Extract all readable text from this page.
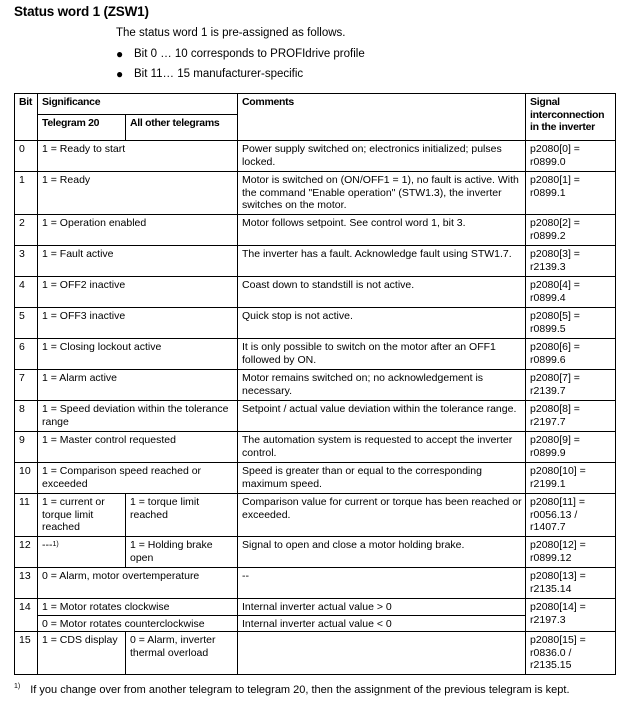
Status word 1 (ZSW1)
The status word 1 is pre-assigned as follows.
● Bit 0 … 10 corresponds to PROFIdrive profile
● Bit 11… 15 manufacturer-specific
Bit	Significance		Comments	Signal interconnection in the inverter
	Telegram 20	All other telegrams		
0	1 = Ready to start		Power supply switched on; electronics initialized; pulses locked.	p2080[0] =
r0899.0
1	1 = Ready		Motor is switched on (ON/OFF1 = 1), no fault is active. With the command "Enable operation" (STW1.3), the inverter switches on the motor.	p2080[1] =
r0899.1
2	1 = Operation enabled		Motor follows setpoint. See control word 1, bit 3.	p2080[2] =
r0899.2
3	1 = Fault active		The inverter has a fault. Acknowledge fault using STW1.7.	p2080[3] =
r2139.3
4	1 = OFF2 inactive		Coast down to standstill is not active.	p2080[4] =
r0899.4
5	1 = OFF3 inactive		Quick stop is not active.	p2080[5] =
r0899.5
6	1 = Closing lockout active		It is only possible to switch on the motor after an OFF1 followed by ON.	p2080[6] =
r0899.6
7	1 = Alarm active		Motor remains switched on; no acknowledgement is necessary.	p2080[7] =
r2139.7
8	1 = Speed deviation within the tolerance range		Setpoint / actual value deviation within the tolerance range.	p2080[8] =
r2197.7
9	1 = Master control requested		The automation system is requested to accept the inverter control.	p2080[9] =
r0899.9
10	1 = Comparison speed reached or exceeded		Speed is greater than or equal to the corresponding maximum speed.	p2080[10] =
r2199.1
11	1 = current or torque limit reached	1 = torque limit reached	Comparison value for current or torque has been reached or exceeded.	p2080[11] =
r0056.13 /
r1407.7
12	---$^{1)}$	1 = Holding brake open	Signal to open and close a motor holding brake.	p2080[12] =
r0899.12
13	0 = Alarm, motor overtemperature		--	p2080[13] =
r2135.14
14	1 = Motor rotates clockwise		Internal inverter actual value > 0	p2080[14] =
r2197.3
	0 = Motor rotates counterclockwise		Internal inverter actual value < 0	
15	1 = CDS display	0 = Alarm, inverter thermal overload		p2080[15] =
r0836.0 /
r2135.15
$^{1)}$ If you change over from another telegram to telegram 20, then the assignment of the previous telegram is kept.
